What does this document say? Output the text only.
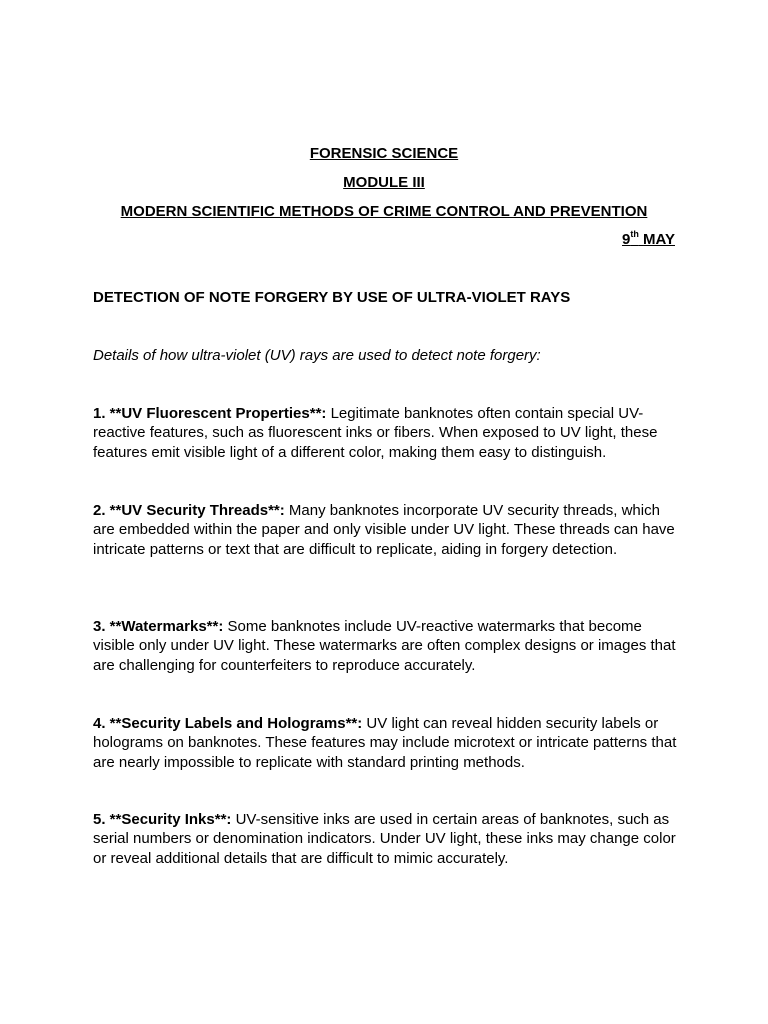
FORENSIC SCIENCE
MODULE III
MODERN SCIENTIFIC METHODS OF CRIME CONTROL AND PREVENTION
9th MAY
DETECTION OF NOTE FORGERY BY USE OF ULTRA-VIOLET RAYS
Details of how ultra-violet (UV) rays are used to detect note forgery:

1. **UV Fluorescent Properties**: Legitimate banknotes often contain special UV-reactive features, such as fluorescent inks or fibers. When exposed to UV light, these features emit visible light of a different color, making them easy to distinguish.

2. **UV Security Threads**: Many banknotes incorporate UV security threads, which are embedded within the paper and only visible under UV light. These threads can have intricate patterns or text that are difficult to replicate, aiding in forgery detection.

3. **Watermarks**: Some banknotes include UV-reactive watermarks that become visible only under UV light. These watermarks are often complex designs or images that are challenging for counterfeiters to reproduce accurately.

4. **Security Labels and Holograms**: UV light can reveal hidden security labels or holograms on banknotes. These features may include microtext or intricate patterns that are nearly impossible to replicate with standard printing methods.

5. **Security Inks**: UV-sensitive inks are used in certain areas of banknotes, such as serial numbers or denomination indicators. Under UV light, these inks may change color or reveal additional details that are difficult to mimic accurately.
